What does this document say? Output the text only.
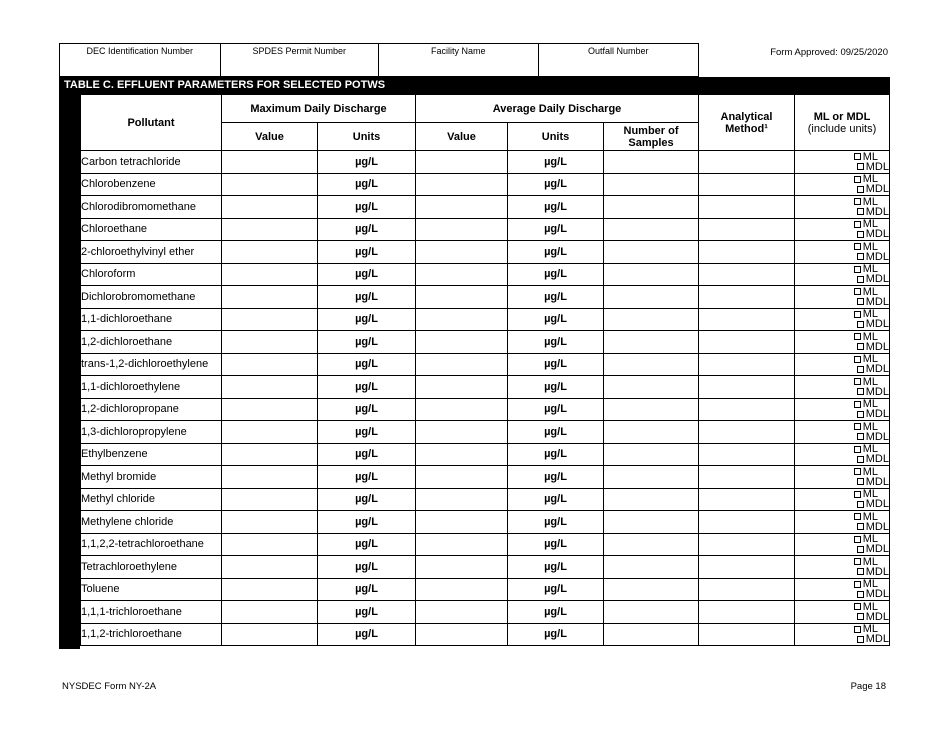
DEC Identification Number	SPDES Permit Number	Facility Name	Outfall Number	Form Approved: 09/25/2020
TABLE C. EFFLUENT PARAMETERS FOR SELECTED POTWS
Pollutant	Maximum Daily Discharge		Average Daily Discharge			Analytical Method¹	ML or MDL
(include units)

	Value	Units	Value	Units	Number of Samples		
Carbon tetrachloride		µg/L		µg/L			ML
MDL

Chlorobenzene		µg/L		µg/L			ML
MDL

Chlorodibromomethane		µg/L		µg/L			ML
MDL

Chloroethane		µg/L		µg/L			ML
MDL

2-chloroethylvinyl ether		µg/L		µg/L			ML
MDL

Chloroform		µg/L		µg/L			ML
MDL

Dichlorobromomethane		µg/L		µg/L			ML
MDL

1,1-dichloroethane		µg/L		µg/L			ML
MDL

1,2-dichloroethane		µg/L		µg/L			ML
MDL

trans-1,2-dichloroethylene		µg/L		µg/L			ML
MDL

1,1-dichloroethylene		µg/L		µg/L			ML
MDL

1,2-dichloropropane		µg/L		µg/L			ML
MDL

1,3-dichloropropylene		µg/L		µg/L			ML
MDL

Ethylbenzene		µg/L		µg/L			ML
MDL

Methyl bromide		µg/L		µg/L			ML
MDL

Methyl chloride		µg/L		µg/L			ML
MDL

Methylene chloride		µg/L		µg/L			ML
MDL

1,1,2,2-tetrachloroethane		µg/L		µg/L			ML
MDL

Tetrachloroethylene		µg/L		µg/L			ML
MDL

Toluene		µg/L		µg/L			ML
MDL

1,1,1-trichloroethane		µg/L		µg/L			ML
MDL

1,1,2-trichloroethane		µg/L		µg/L			ML
MDL
NYSDEC Form NY-2A	Page 18
